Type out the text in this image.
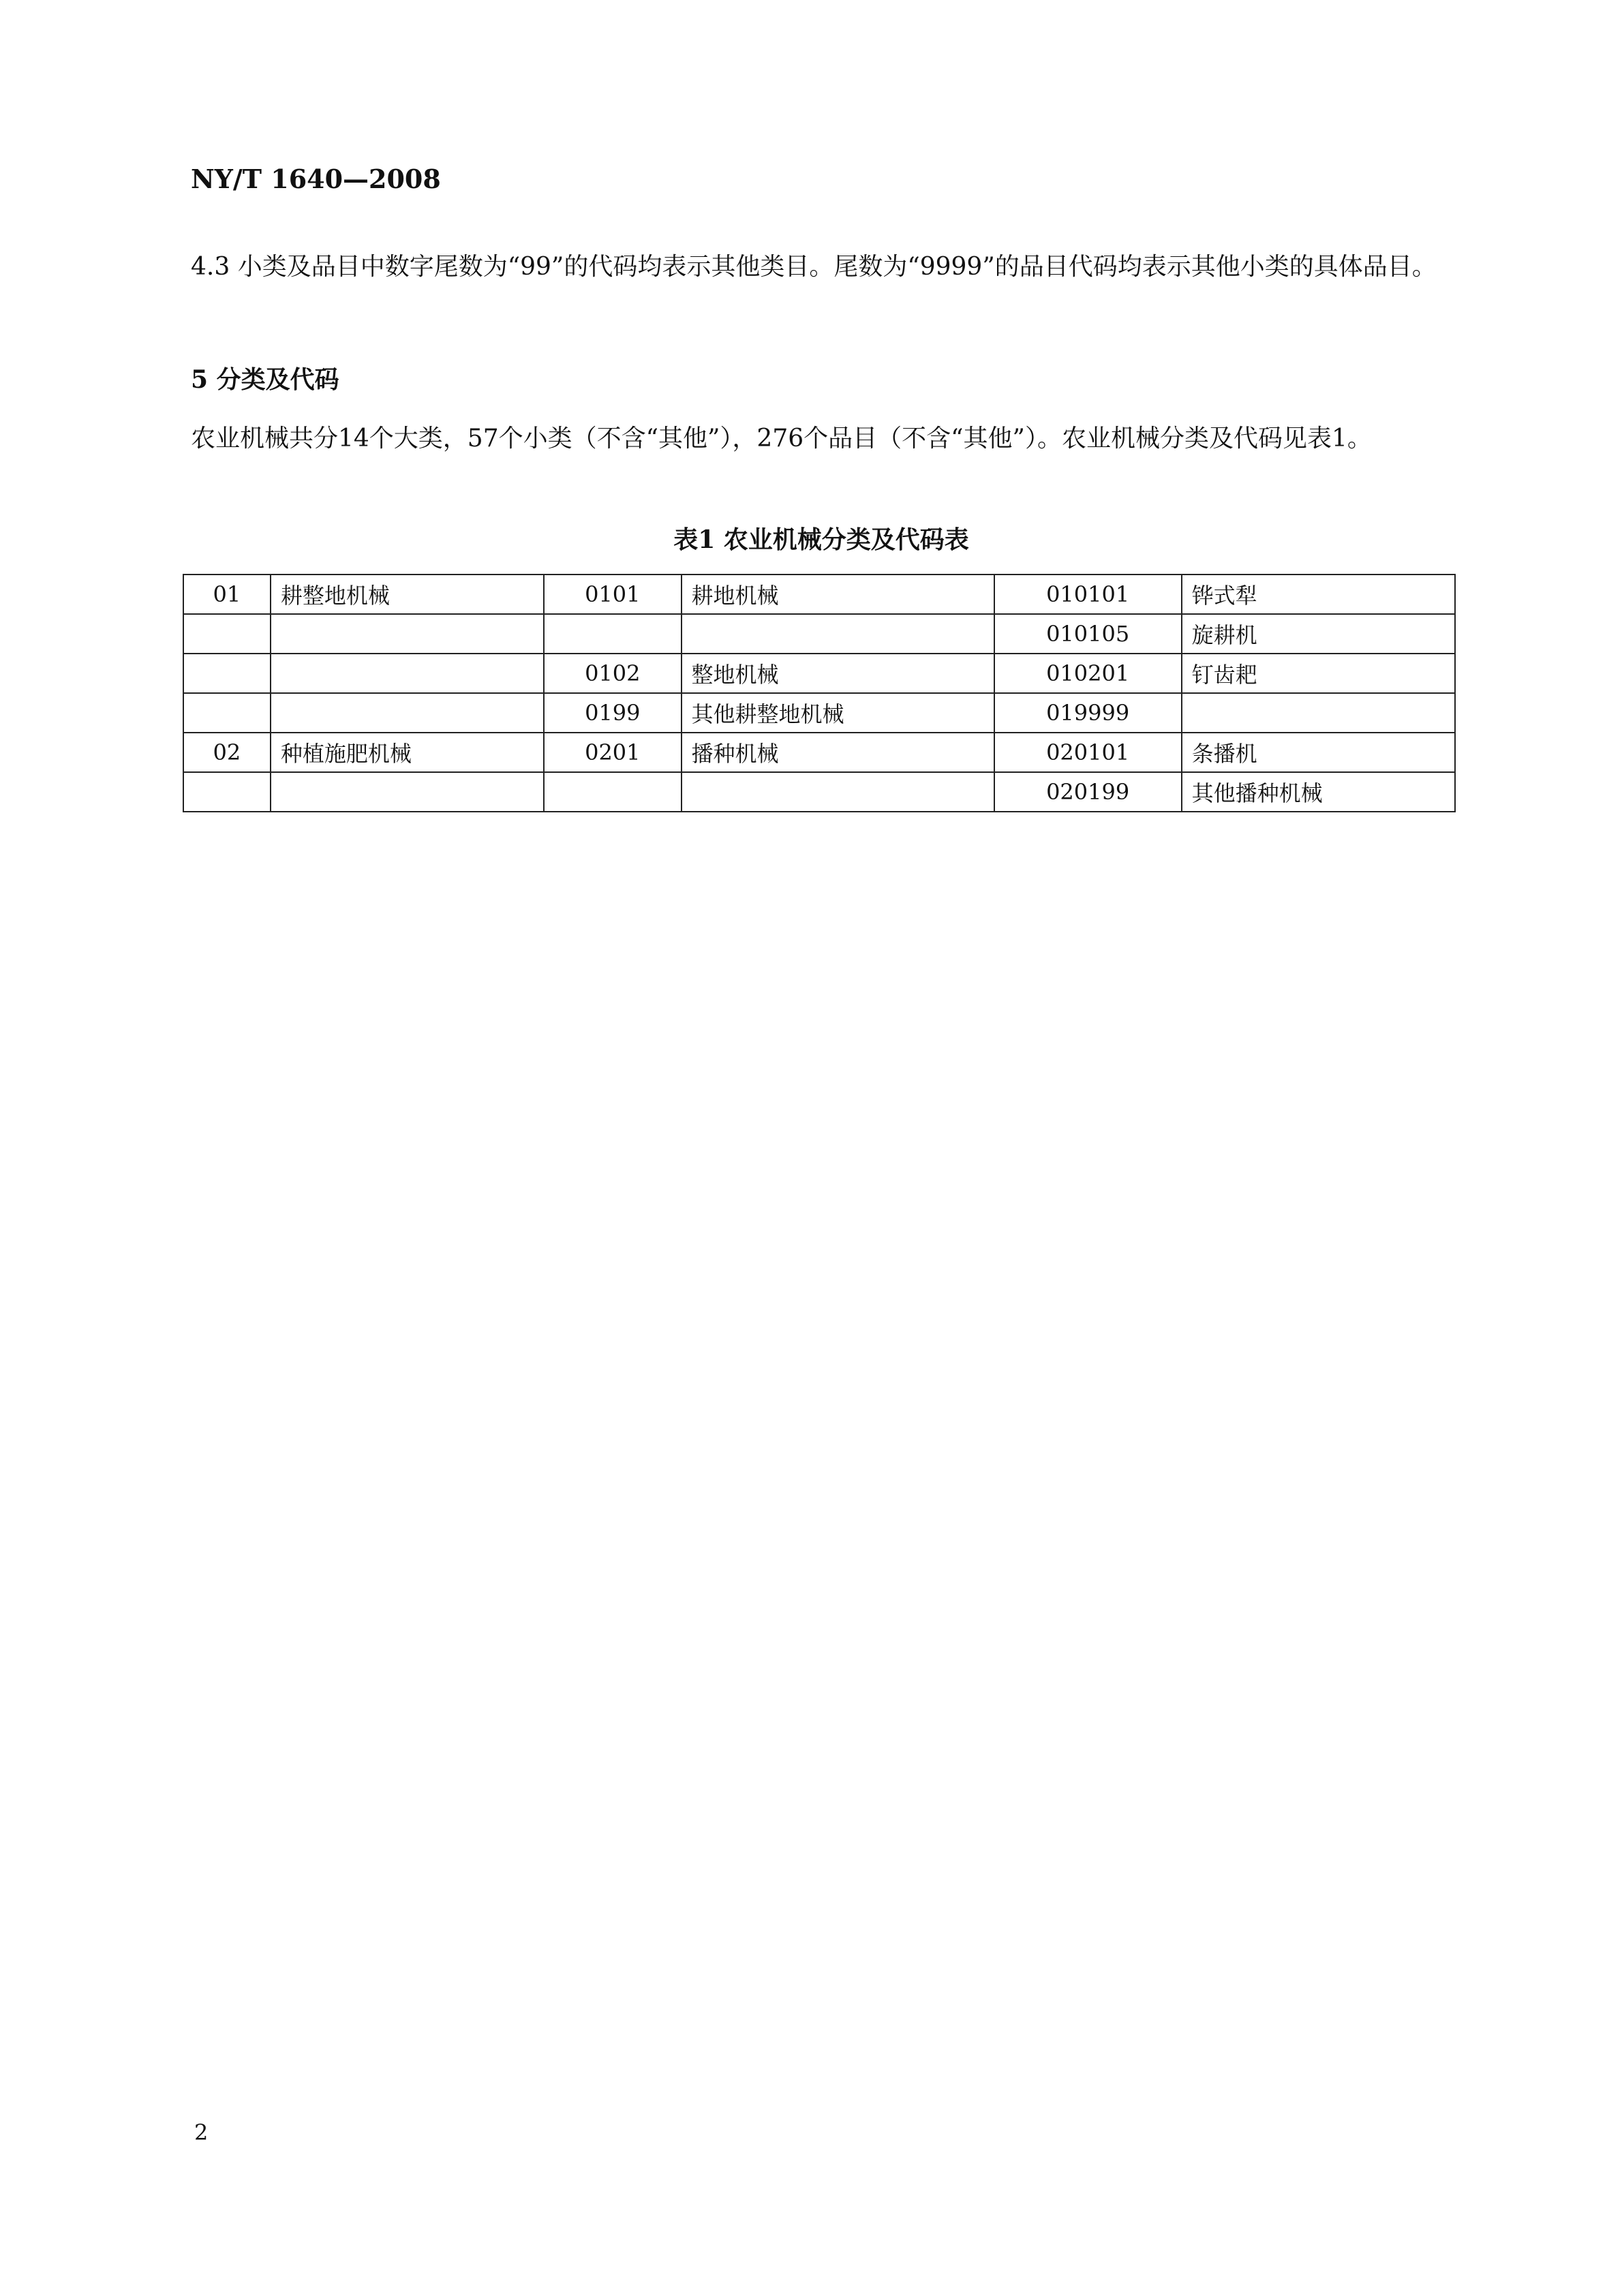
NY/T 1640—2008
4.3 小类及品目中数字尾数为“99”的代码均表示其他类目。尾数为“9999”的品目代码均表示其他小类的具体品目。
5 分类及代码
农业机械共分14个大类，57个小类（不含“其他”），276个品目（不含“其他”）。农业机械分类及代码见表1。
表1 农业机械分类及代码表
01	耕整地机械	0101	耕地机械	010101	铧式犁
				010105	旋耕机
		0102	整地机械	010201	钉齿耙
		0199	其他耕整地机械	019999	
02	种植施肥机械	0201	播种机械	020101	条播机
				020199	其他播种机械
2
